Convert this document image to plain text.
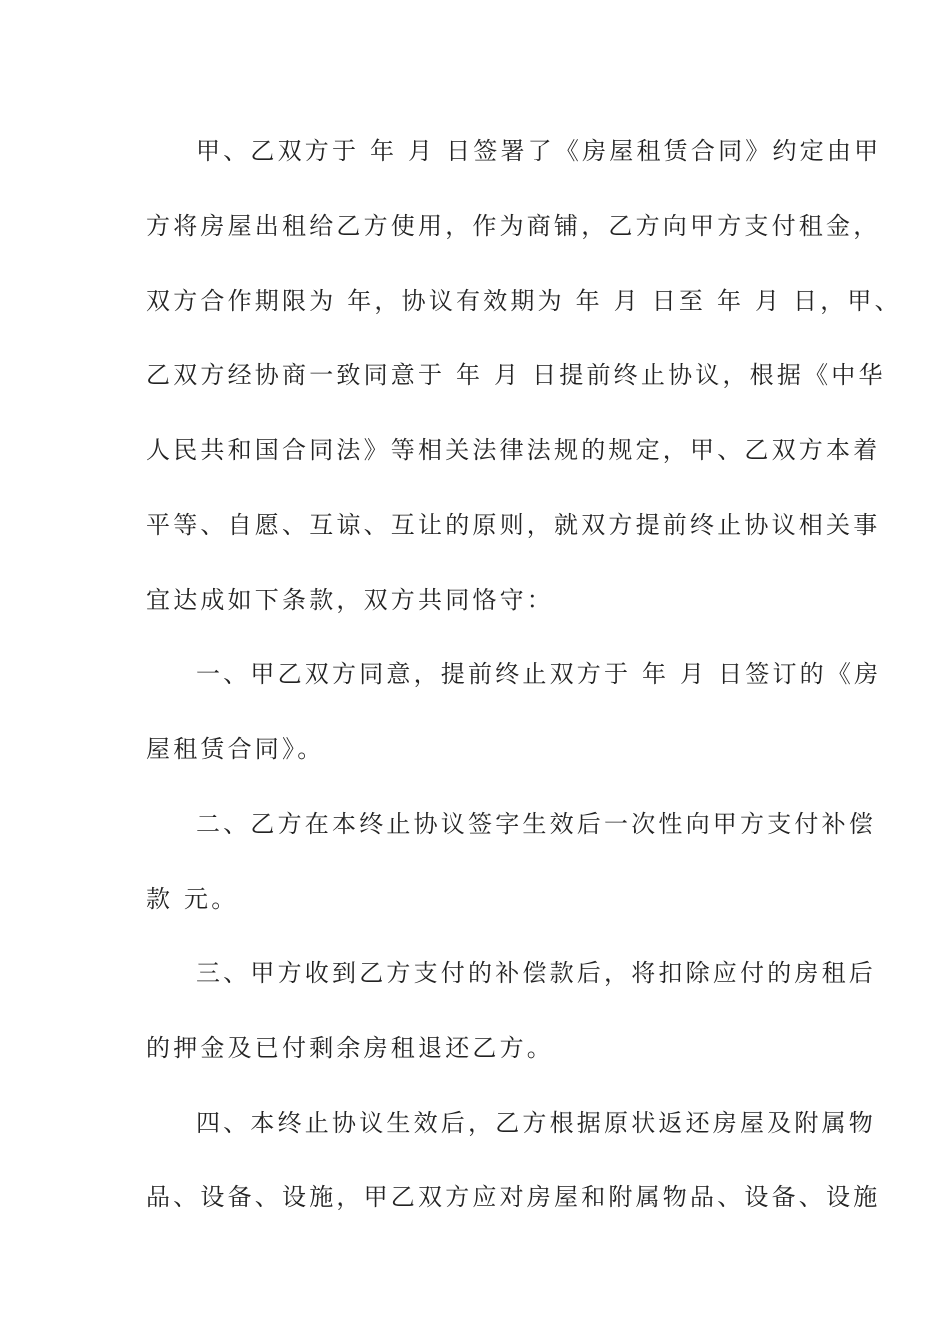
甲、乙双方于 年 月 日签署了《房屋租赁合同》约定由甲
方将房屋出租给乙方使用，作为商铺，乙方向甲方支付租金，
双方合作期限为 年，协议有效期为 年 月 日至 年 月 日，甲、
乙双方经协商一致同意于 年 月 日提前终止协议，根据《中华
人民共和国合同法》等相关法律法规的规定，甲、乙双方本着
平等、自愿、互谅、互让的原则，就双方提前终止协议相关事
宜达成如下条款，双方共同恪守：
一、甲乙双方同意，提前终止双方于 年 月 日签订的《房
屋租赁合同》。
二、乙方在本终止协议签字生效后一次性向甲方支付补偿
款 元。
三、甲方收到乙方支付的补偿款后，将扣除应付的房租后
的押金及已付剩余房租退还乙方。
四、本终止协议生效后，乙方根据原状返还房屋及附属物
品、设备、设施，甲乙双方应对房屋和附属物品、设备、设施
